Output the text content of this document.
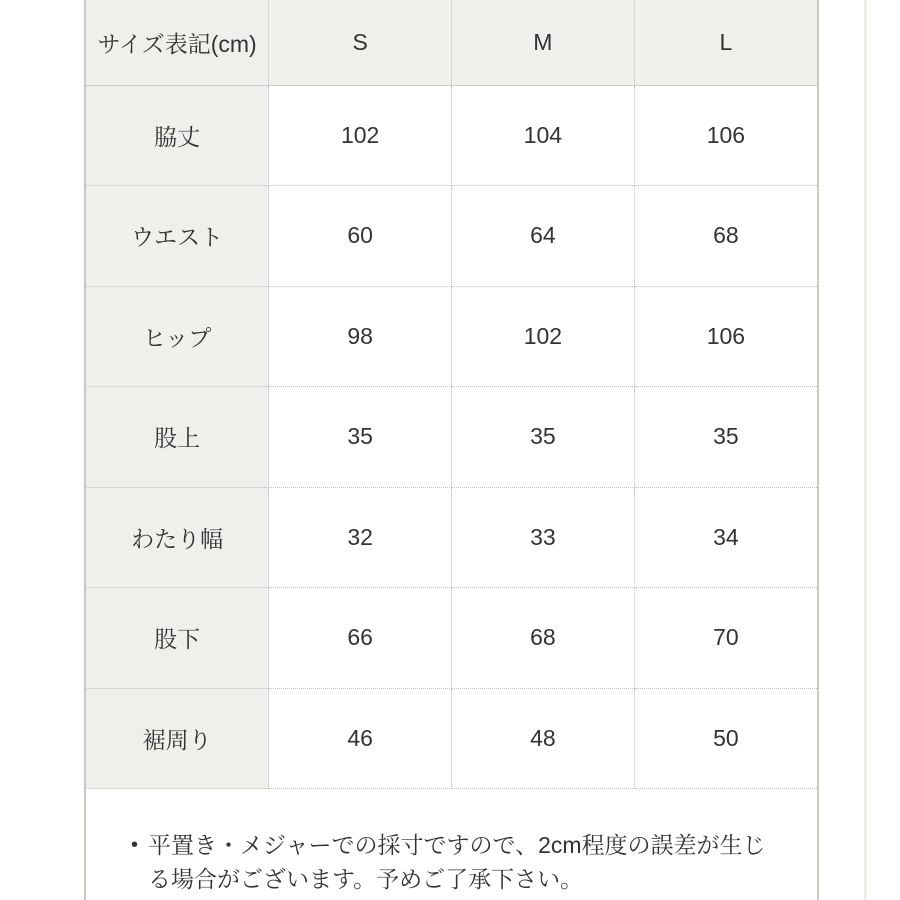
サイズ表記(cm)	S	M	L
脇丈	102	104	106
ウエスト	60	64	68
ヒップ	98	102	106
股上	35	35	35
わたり幅	32	33	34
股下	66	68	70
裾周り	46	48	50
• 平置き・メジャーでの採寸ですので、2cm程度の誤差が生じる場合がございます。予めご了承下さい。
